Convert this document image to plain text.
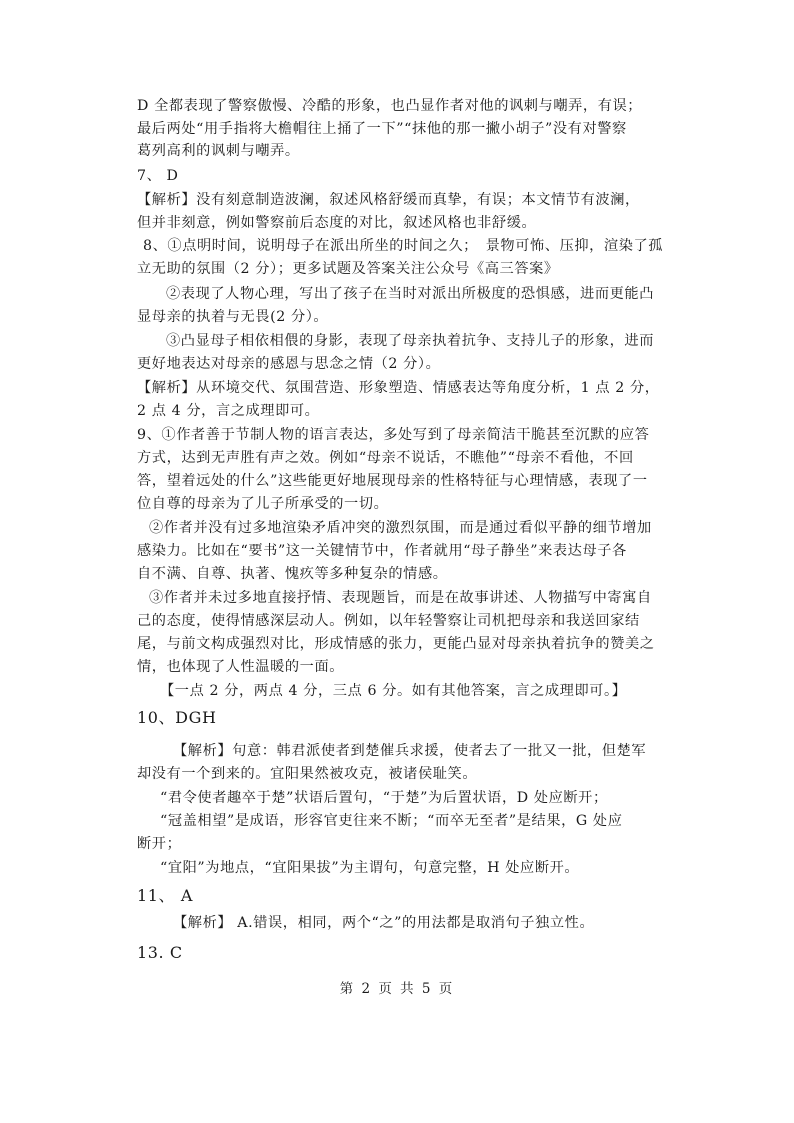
D 全都表现了警察傲慢、冷酷的形象，也凸显作者对他的讽刺与嘲弄，有误；
最后两处“用手指将大檐帽往上捅了一下”“抹他的那一撇小胡子”没有对警察
葛列高利的讽刺与嘲弄。
7、 D
【解析】没有刻意制造波澜，叙述风格舒缓而真挚，有误；本文情节有波澜，
但并非刻意，例如警察前后态度的对比，叙述风格也非舒缓。
8、①点明时间，说明母子在派出所坐的时间之久；　景物可怖、压抑，渲染了孤
立无助的氛围（2 分）；更多试题及答案关注公众号《高三答案》
②表现了人物心理，写出了孩子在当时对派出所极度的恐惧感，进而更能凸
显母亲的执着与无畏(2 分）。
③凸显母子相依相偎的身影，表现了母亲执着抗争、支持儿子的形象，进而
更好地表达对母亲的感恩与思念之情（2 分）。
【解析】从环境交代、氛围营造、形象塑造、情感表达等角度分析，1 点 2 分，
2 点 4 分，言之成理即可。
9、①作者善于节制人物的语言表达，多处写到了母亲简洁干脆甚至沉默的应答
方式，达到无声胜有声之效。例如“母亲不说话，不瞧他”“母亲不看他，不回
答，望着远处的什么”这些能更好地展现母亲的性格特征与心理情感，表现了一
位自尊的母亲为了儿子所承受的一切。
②作者并没有过多地渲染矛盾冲突的激烈氛围，而是通过看似平静的细节增加
感染力。比如在“要书”这一关键情节中，作者就用“母子静坐”来表达母子各
自不满、自尊、执著、愧疚等多种复杂的情感。
③作者并未过多地直接抒情、表现题旨，而是在故事讲述、人物描写中寄寓自
己的态度，使得情感深层动人。例如，以年轻警察让司机把母亲和我送回家结
尾，与前文构成强烈对比，形成情感的张力，更能凸显对母亲执着抗争的赞美之
情，也体现了人性温暖的一面。
【一点 2 分，两点 4 分，三点 6 分。如有其他答案，言之成理即可。】
10、DGH
【解析】句意：韩君派使者到楚催兵求援，使者去了一批又一批，但楚军
却没有一个到来的。宜阳果然被攻克，被诸侯耻笑。
“君令使者趣卒于楚”状语后置句，“于楚”为后置状语，D 处应断开；
“冠盖相望”是成语，形容官吏往来不断；“而卒无至者”是结果，G 处应
断开；
“宜阳”为地点，“宜阳果拔”为主谓句，句意完整，H 处应断开。
11、 A
【解析】 A.错误，相同，两个“之”的用法都是取消句子独立性。
13. C
第 2 页 共 5 页
